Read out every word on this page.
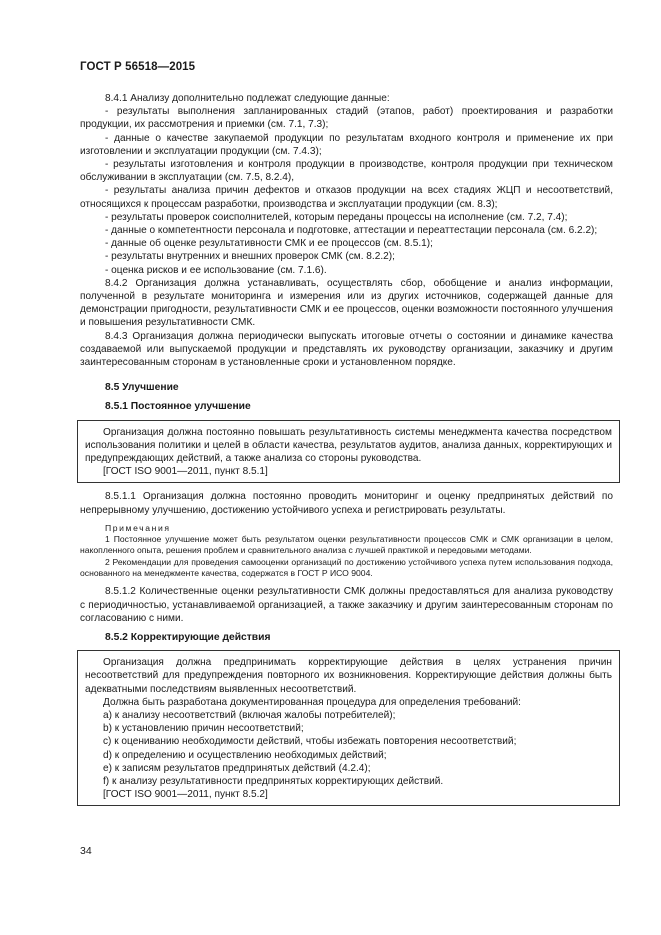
ГОСТ Р 56518—2015

8.4.1 Анализу дополнительно подлежат следующие данные:

- результаты выполнения запланированных стадий (этапов, работ) проектирования и разработки продукции, их рассмотрения и приемки (см. 7.1, 7.3);

- данные о качестве закупаемой продукции по результатам входного контроля и применение их при изготовлении и эксплуатации продукции (см. 7.4.3);

- результаты изготовления и контроля продукции в производстве, контроля продукции при техническом обслуживании в эксплуатации (см. 7.5, 8.2.4),

- результаты анализа причин дефектов и отказов продукции на всех стадиях ЖЦП и несоответствий, относящихся к процессам разработки, производства и эксплуатации продукции (см. 8.3);

- результаты проверок соисполнителей, которым переданы процессы на исполнение (см. 7.2, 7.4);

- данные о компетентности персонала и подготовке, аттестации и переаттестации персонала (см. 6.2.2);

- данные об оценке результативности СМК и ее процессов (см. 8.5.1);

- результаты внутренних и внешних проверок СМК (см. 8.2.2);

- оценка рисков и ее использование (см. 7.1.6).

8.4.2 Организация должна устанавливать, осуществлять сбор, обобщение и анализ информации, полученной в результате мониторинга и измерения или из других источников, содержащей данные для демонстрации пригодности, результативности СМК и ее процессов, оценки возможности постоянного улучшения и повышения результативности СМК.

8.4.3 Организация должна периодически выпускать итоговые отчеты о состоянии и динамике качества создаваемой или выпускаемой продукции и представлять их руководству организации, заказчику и другим заинтересованным сторонам в установленные сроки и установленном порядке.

8.5 Улучшение

8.5.1 Постоянное улучшение

Организация должна постоянно повышать результативность системы менеджмента качества посредством использования политики и целей в области качества, результатов аудитов, анализа данных, корректирующих и предупреждающих действий, а также анализа со стороны руководства.

[ГОСТ ISO 9001—2011, пункт 8.5.1]

8.5.1.1 Организация должна постоянно проводить мониторинг и оценку предпринятых действий по непрерывному улучшению, достижению устойчивого успеха и регистрировать результаты.

Примечания

1 Постоянное улучшение может быть результатом оценки результативности процессов СМК и СМК организации в целом, накопленного опыта, решения проблем и сравнительного анализа с лучшей практикой и передовыми методами.

2 Рекомендации для проведения самооценки организаций по достижению устойчивого успеха путем использования подхода, основанного на менеджменте качества, содержатся в ГОСТ Р ИСО 9004.

8.5.1.2 Количественные оценки результативности СМК должны предоставляться для анализа руководству с периодичностью, устанавливаемой организацией, а также заказчику и другим заинтересованным сторонам по согласованию с ними.

8.5.2 Корректирующие действия

Организация должна предпринимать корректирующие действия в целях устранения причин несоответствий для предупреждения повторного их возникновения. Корректирующие действия должны быть адекватными последствиям выявленных несоответствий.

Должна быть разработана документированная процедура для определения требований:

a) к анализу несоответствий (включая жалобы потребителей);

b) к установлению причин несоответствий;

c) к оцениванию необходимости действий, чтобы избежать повторения несоответствий;

d) к определению и осуществлению необходимых действий;

e) к записям результатов предпринятых действий (4.2.4);

f) к анализу результативности предпринятых корректирующих действий.

[ГОСТ ISO 9001—2011, пункт 8.5.2]

34
